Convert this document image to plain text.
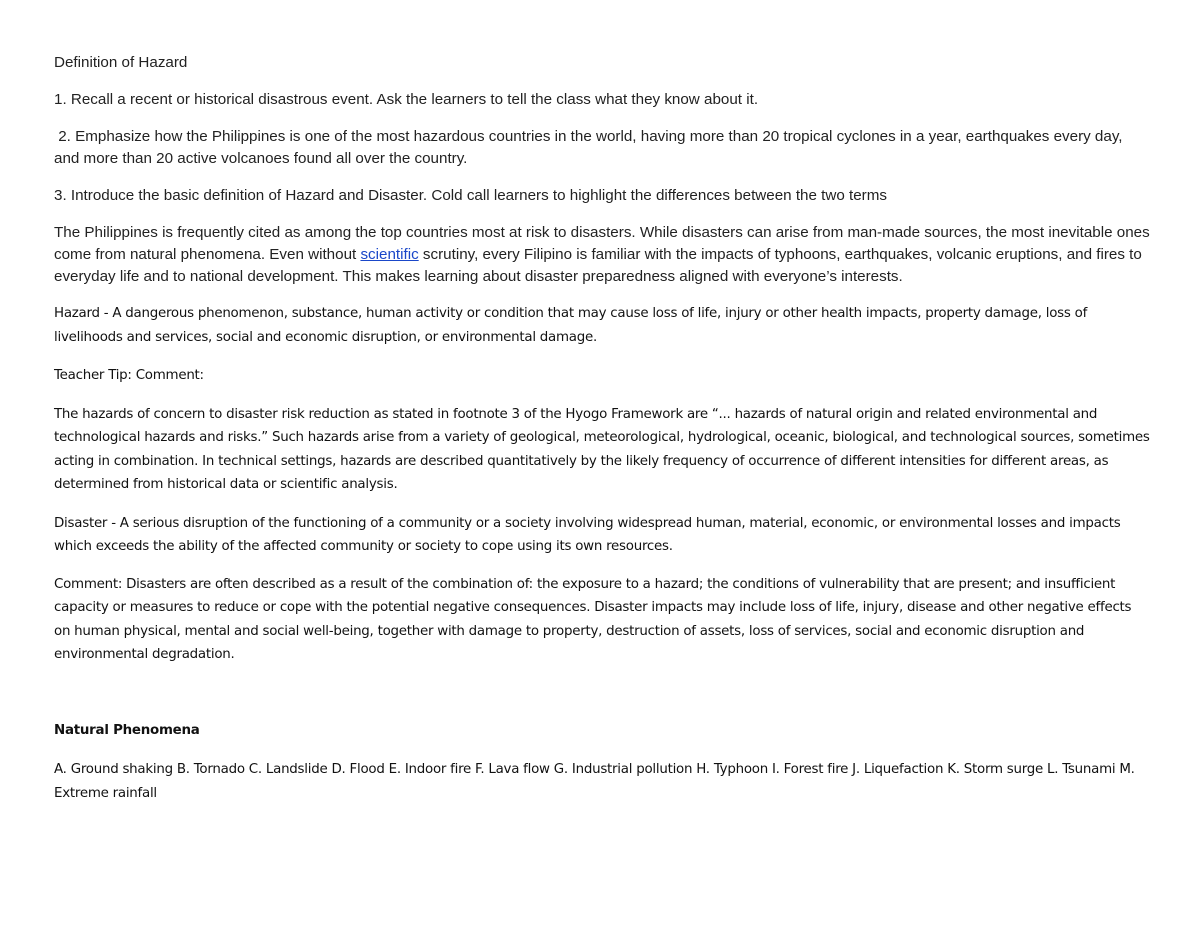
Definition of Hazard

1. Recall a recent or historical disastrous event. Ask the learners to tell the class what they know about it.

2. Emphasize how the Philippines is one of the most hazardous countries in the world, having more than 20 tropical cyclones in a year, earthquakes every day, and more than 20 active volcanoes found all over the country.

3. Introduce the basic definition of Hazard and Disaster. Cold call learners to highlight the differences between the two terms

The Philippines is frequently cited as among the top countries most at risk to disasters. While disasters can arise from man-made sources, the most inevitable ones come from natural phenomena. Even without scientific scrutiny, every Filipino is familiar with the impacts of typhoons, earthquakes, volcanic eruptions, and fires to everyday life and to national development. This makes learning about disaster preparedness aligned with everyone’s interests.

Hazard - A dangerous phenomenon, substance, human activity or condition that may cause loss of life, injury or other health impacts, property damage, loss of livelihoods and services, social and economic disruption, or environmental damage.

Teacher Tip: Comment:

The hazards of concern to disaster risk reduction as stated in footnote 3 of the Hyogo Framework are “... hazards of natural origin and related environmental and technological hazards and risks.” Such hazards arise from a variety of geological, meteorological, hydrological, oceanic, biological, and technological sources, sometimes acting in combination. In technical settings, hazards are described quantitatively by the likely frequency of occurrence of different intensities for different areas, as determined from historical data or scientific analysis.

Disaster - A serious disruption of the functioning of a community or a society involving widespread human, material, economic, or environmental losses and impacts which exceeds the ability of the affected community or society to cope using its own resources.

Comment: Disasters are often described as a result of the combination of: the exposure to a hazard; the conditions of vulnerability that are present; and insufficient capacity or measures to reduce or cope with the potential negative consequences. Disaster impacts may include loss of life, injury, disease and other negative effects on human physical, mental and social well-being, together with damage to property, destruction of assets, loss of services, social and economic disruption and environmental degradation.

Natural Phenomena

A. Ground shaking B. Tornado C. Landslide D. Flood E. Indoor fire F. Lava flow G. Industrial pollution H. Typhoon I. Forest fire J. Liquefaction K. Storm surge L. Tsunami M. Extreme rainfall
